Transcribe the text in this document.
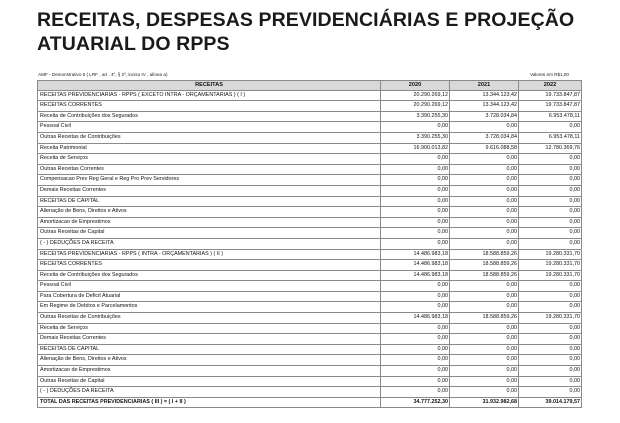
RECEITAS, DESPESAS PREVIDENCIÁRIAS E PROJEÇÃO ATUARIAL DO RPPS
AMF - Demonstrativo 6 ( LRF , art . 4º, § 2º, inciso IV , alínea a)	Valores em R$1,00
RECEITAS	2020	2021	2022
RECEITAS PREVIDENCIARIAS - RPPS ( EXCETO INTRA - ORÇAMENTARIAS ) ( I )	20.290.269,12	13.344.123,42	19.733.847,87
RECEITAS CORRENTES	20.290.269,12	13.344.123,42	19.733.847,87
Receita de Contribuições dos Segurados	3.390.255,30	3.728.034,84	6.953.478,11
Pessoal Civil	0,00	0,00	0,00
Outras Receitas de Contribuições	3.390.255,30	3.728.034,84	6.953.478,11
Receita Patrimonial	16.900.013,82	9.616.088,58	12.780.369,76
Receita de Serviços	0,00	0,00	0,00
Outras Receitas Correntes	0,00	0,00	0,00
Compensacao Prev Reg Geral e Reg Pro Prev Servidores	0,00	0,00	0,00
Demais Receitas Correntes	0,00	0,00	0,00
RECEITAS DE CAPITAL	0,00	0,00	0,00
Alienação de Bens, Direitos e Ativos	0,00	0,00	0,00
Amortizacao de Emprestimos	0,00	0,00	0,00
Outras Receitas de Capital	0,00	0,00	0,00
( - ) DEDUÇÕES DA RECEITA	0,00	0,00	0,00
RECEITAS PREVIDENCIARIAS - RPPS ( INTRA - ORÇAMENTARIAS ) ( II )	14.486.983,18	18.588.859,26	19.280.331,70
RECEITAS CORRENTES	14.486.983,18	18.588.859,26	19.280.331,70
Receita de Contribuições dos Segurados	14.486.983,18	18.588.859,26	19.280.331,70
Pessoal Civil	0,00	0,00	0,00
Para Cobertura de Deficit Atuarial	0,00	0,00	0,00
Em Regime de Debitos e Parcelamentos	0,00	0,00	0,00
Outras Receitas de Contribuições	14.486.983,18	18.588.859,26	19.280.331,70
Receita de Serviços	0,00	0,00	0,00
Demais Receitas Correntes	0,00	0,00	0,00
RECEITAS DE CAPITAL	0,00	0,00	0,00
Alienação de Bens, Direitos e Ativos	0,00	0,00	0,00
Amortizacao de Emprestimos	0,00	0,00	0,00
Outras Receitas de Capital	0,00	0,00	0,00
( - ) DEDUÇÕES DA RECEITA	0,00	0,00	0,00
TOTAL DAS RECEITAS PREVIDENCIARIAS ( III ) = ( I + II )	34.777.252,30	31.932.982,68	39.014.179,57
